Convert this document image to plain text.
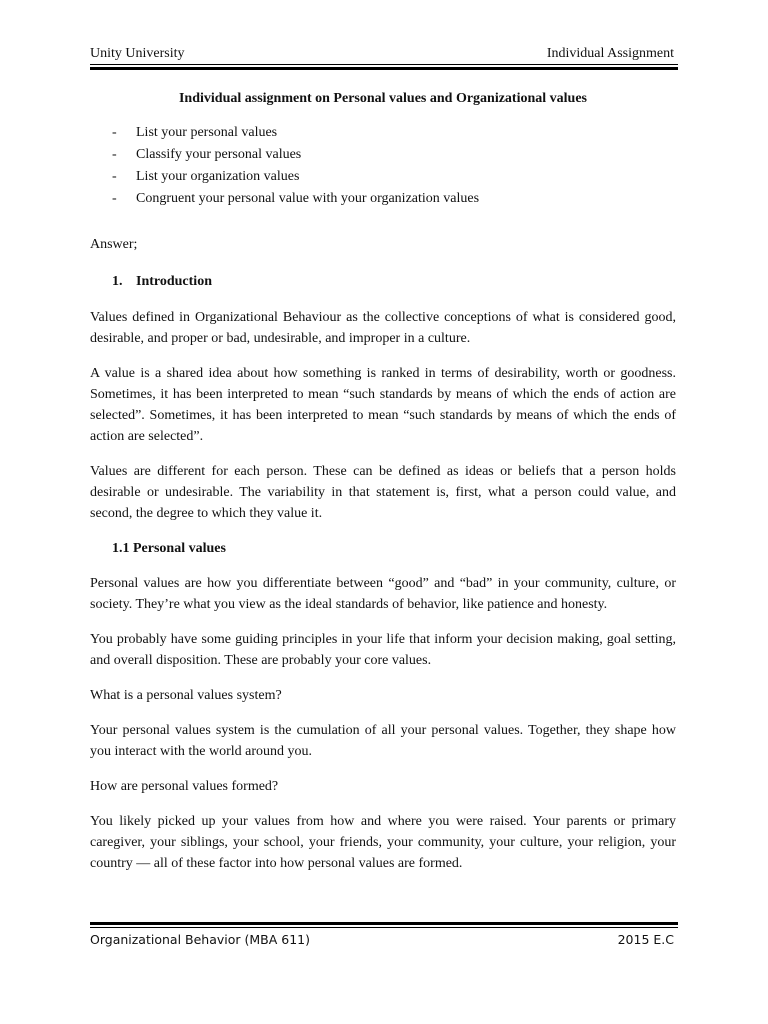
Unity University	Individual Assignment

Individual assignment on Personal values and Organizational values

- List your personal values
- Classify your personal values
- List your organization values
- Congruent your personal value with your organization values

Answer;

1. Introduction

Values defined in Organizational Behaviour as the collective conceptions of what is considered good, desirable, and proper or bad, undesirable, and improper in a culture.

A value is a shared idea about how something is ranked in terms of desirability, worth or goodness. Sometimes, it has been interpreted to mean “such standards by means of which the ends of action are selected”. Sometimes, it has been interpreted to mean “such standards by means of which the ends of action are selected”.

Values are different for each person. These can be defined as ideas or beliefs that a person holds desirable or undesirable. The variability in that statement is, first, what a person could value, and second, the degree to which they value it.

1.1 Personal values

Personal values are how you differentiate between “good” and “bad” in your community, culture, or society. They’re what you view as the ideal standards of behavior, like patience and honesty.

You probably have some guiding principles in your life that inform your decision making, goal setting, and overall disposition. These are probably your core values.

What is a personal values system?

Your personal values system is the cumulation of all your personal values. Together, they shape how you interact with the world around you.

How are personal values formed?

You likely picked up your values from how and where you were raised. Your parents or primary caregiver, your siblings, your school, your friends, your community, your culture, your religion, your country — all of these factor into how personal values are formed.

Organizational Behavior (MBA 611)	2015 E.C
